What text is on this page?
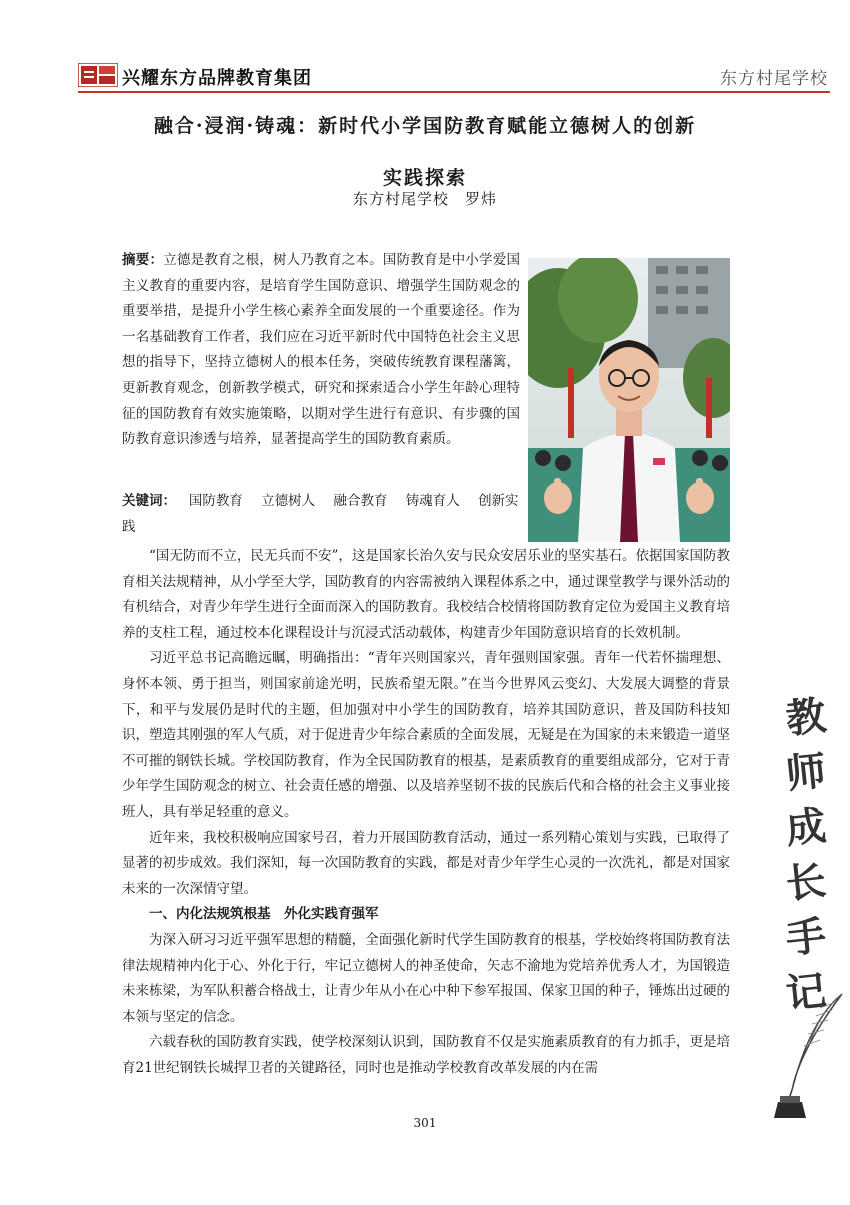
兴耀东方品牌教育集团	东方村尾学校
融合·浸润·铸魂：新时代小学国防教育赋能立德树人的创新
实践探索
东方村尾学校　罗炜
摘要：立德是教育之根，树人乃教育之本。国防教育是中小学爱国主义教育的重要内容，是培育学生国防意识、增强学生国防观念的重要举措，是提升小学生核心素养全面发展的一个重要途径。作为一名基础教育工作者，我们应在习近平新时代中国特色社会主义思想的指导下，坚持立德树人的根本任务，突破传统教育课程藩篱，更新教育观念，创新教学模式，研究和探索适合小学生年龄心理特征的国防教育有效实施策略，以期对学生进行有意识、有步骤的国防教育意识渗透与培养，显著提高学生的国防教育素质。
关键词： 国防教育 立德树人 融合教育 铸魂育人 创新实践

“国无防而不立，民无兵而不安”，这是国家长治久安与民众安居乐业的坚实基石。依据国家国防教育相关法规精神，从小学至大学，国防教育的内容需被纳入课程体系之中，通过课堂教学与课外活动的有机结合，对青少年学生进行全面而深入的国防教育。我校结合校情将国防教育定位为爱国主义教育培养的支柱工程，通过校本化课程设计与沉浸式活动载体，构建青少年国防意识培育的长效机制。

习近平总书记高瞻远瞩，明确指出：“青年兴则国家兴，青年强则国家强。青年一代若怀揣理想、身怀本领、勇于担当，则国家前途光明，民族希望无限。”在当今世界风云变幻、大发展大调整的背景下，和平与发展仍是时代的主题，但加强对中小学生的国防教育，培养其国防意识，普及国防科技知识，塑造其刚强的军人气质，对于促进青少年综合素质的全面发展，无疑是在为国家的未来锻造一道坚不可摧的钢铁长城。学校国防教育，作为全民国防教育的根基，是素质教育的重要组成部分，它对于青少年学生国防观念的树立、社会责任感的增强、以及培养坚韧不拔的民族后代和合格的社会主义事业接班人，具有举足轻重的意义。

近年来，我校积极响应国家号召，着力开展国防教育活动，通过一系列精心策划与实践，已取得了显著的初步成效。我们深知，每一次国防教育的实践，都是对青少年学生心灵的一次洗礼，都是对国家未来的一次深情守望。

一、内化法规筑根基　外化实践育强军

为深入研习习近平强军思想的精髓，全面强化新时代学生国防教育的根基，学校始终将国防教育法律法规精神内化于心、外化于行，牢记立德树人的神圣使命，矢志不渝地为党培养优秀人才，为国锻造未来栋梁，为军队积蓄合格战士，让青少年从小在心中种下参军报国、保家卫国的种子，锤炼出过硬的本领与坚定的信念。

六载春秋的国防教育实践，使学校深刻认识到，国防教育不仅是实施素质教育的有力抓手，更是培育21世纪钢铁长城捍卫者的关键路径，同时也是推动学校教育改革发展的内在需

301
教
师
成
长
手
记
